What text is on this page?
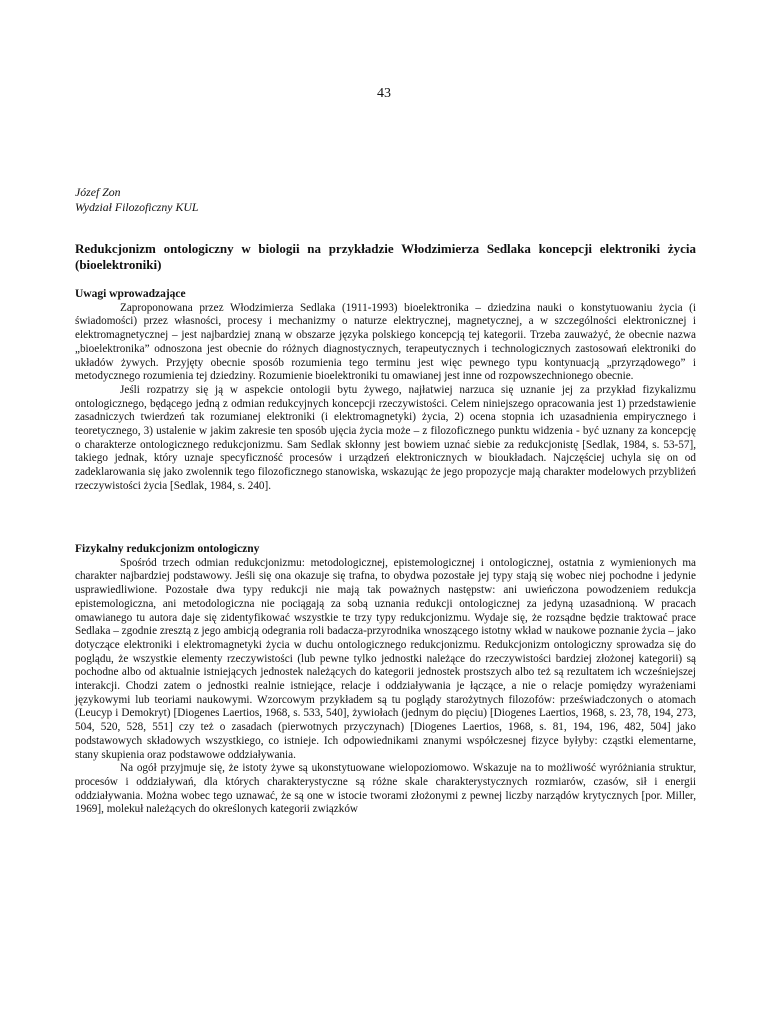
43
Józef Zon
Wydział Filozoficzny KUL
Redukcjonizm ontologiczny w biologii na przykładzie Włodzimierza Sedlaka koncepcji elektroniki życia (bioelektroniki)
Uwagi wprowadzające

Zaproponowana przez Włodzimierza Sedlaka (1911-1993) bioelektronika – dziedzina nauki o konstytuowaniu życia (i świadomości) przez własności, procesy i mechanizmy o naturze elektrycznej, magnetycznej, a w szczególności elektronicznej i elektromagnetycznej – jest najbardziej znaną w obszarze języka polskiego koncepcją tej kategorii. Trzeba zauważyć, że obecnie nazwa „bioelektronika” odnoszona jest obecnie do różnych diagnostycznych, terapeutycznych i technologicznych zastosowań elektroniki do układów żywych. Przyjęty obecnie sposób rozumienia tego terminu jest więc pewnego typu kontynuacją „przyrządowego” i metodycznego rozumienia tej dziedziny. Rozumienie bioelektroniki tu omawianej jest inne od rozpowszechnionego obecnie.

Jeśli rozpatrzy się ją w aspekcie ontologii bytu żywego, najłatwiej narzuca się uznanie jej za przykład fizykalizmu ontologicznego, będącego jedną z odmian redukcyjnych koncepcji rzeczywistości. Celem niniejszego opracowania jest 1) przedstawienie zasadniczych twierdzeń tak rozumianej elektroniki (i elektromagnetyki) życia, 2) ocena stopnia ich uzasadnienia empirycznego i teoretycznego, 3) ustalenie w jakim zakresie ten sposób ujęcia życia może – z filozoficznego punktu widzenia - być uznany za koncepcję o charakterze ontologicznego redukcjonizmu. Sam Sedlak skłonny jest bowiem uznać siebie za redukcjonistę [Sedlak, 1984, s. 53-57], takiego jednak, który uznaje specyficzność procesów i urządzeń elektronicznych w bioukładach. Najczęściej uchyla się on od zadeklarowania się jako zwolennik tego filozoficznego stanowiska, wskazując że jego propozycje mają charakter modelowych przybliżeń rzeczywistości życia [Sedlak, 1984, s. 240].

Fizykalny redukcjonizm ontologiczny

Spośród trzech odmian redukcjonizmu: metodologicznej, epistemologicznej i ontologicznej, ostatnia z wymienionych ma charakter najbardziej podstawowy. Jeśli się ona okazuje się trafna, to obydwa pozostałe jej typy stają się wobec niej pochodne i jedynie usprawiedliwione. Pozostałe dwa typy redukcji nie mają tak poważnych następstw: ani uwieńczona powodzeniem redukcja epistemologiczna, ani metodologiczna nie pociągają za sobą uznania redukcji ontologicznej za jedyną uzasadnioną. W pracach omawianego tu autora daje się zidentyfikować wszystkie te trzy typy redukcjonizmu. Wydaje się, że rozsądne będzie traktować prace Sedlaka – zgodnie zresztą z jego ambicją odegrania roli badacza-przyrodnika wnoszącego istotny wkład w naukowe poznanie życia – jako dotyczące elektroniki i elektromagnetyki życia w duchu ontologicznego redukcjonizmu. Redukcjonizm ontologiczny sprowadza się do poglądu, że wszystkie elementy rzeczywistości (lub pewne tylko jednostki należące do rzeczywistości bardziej złożonej kategorii) są pochodne albo od aktualnie istniejących jednostek należących do kategorii jednostek prostszych albo też są rezultatem ich wcześniejszej interakcji. Chodzi zatem o jednostki realnie istniejące, relacje i oddziaływania je łączące, a nie o relacje pomiędzy wyrażeniami językowymi lub teoriami naukowymi. Wzorcowym przykładem są tu poglądy starożytnych filozofów: przeświadczonych o atomach (Leucyp i Demokryt) [Diogenes Laertios, 1968, s. 533, 540], żywiołach (jednym do pięciu) [Diogenes Laertios, 1968, s. 23, 78, 194, 273, 504, 520, 528, 551] czy też o zasadach (pierwotnych przyczynach) [Diogenes Laertios, 1968, s. 81, 194, 196, 482, 504] jako podstawowych składowych wszystkiego, co istnieje. Ich odpowiednikami znanymi współczesnej fizyce byłyby: cząstki elementarne, stany skupienia oraz podstawowe oddziaływania.

Na ogół przyjmuje się, że istoty żywe są ukonstytuowane wielopoziomowo. Wskazuje na to możliwość wyróżniania struktur, procesów i oddziaływań, dla których charakterystyczne są różne skale charakterystycznych rozmiarów, czasów, sił i energii oddziaływania. Można wobec tego uznawać, że są one w istocie tworami złożonymi z pewnej liczby narządów krytycznych [por. Miller, 1969], molekuł należących do określonych kategorii związków
